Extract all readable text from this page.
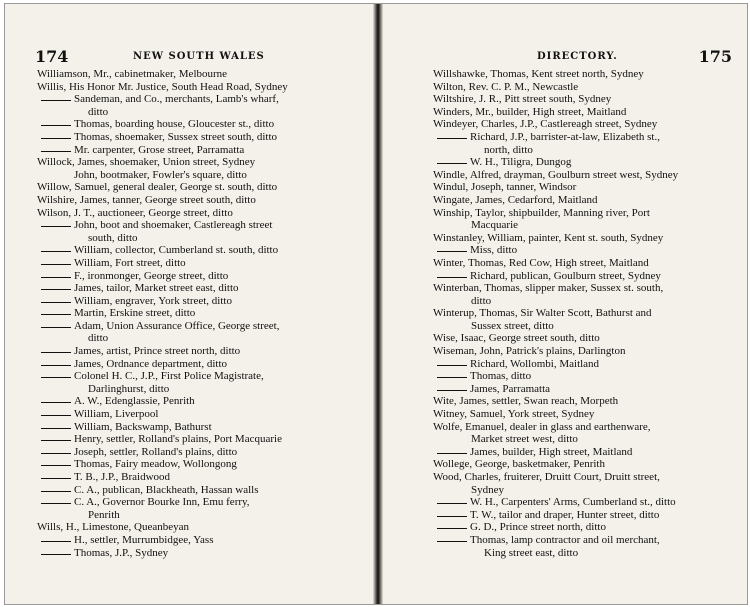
174	NEW SOUTH WALES
Williamson, Mr., cabinetmaker, Melbourne
Willis, His Honor Mr. Justice, South Head Road, Sydney
Sandeman, and Co., merchants, Lamb's wharf,
ditto
Thomas, boarding house, Gloucester st., ditto
Thomas, shoemaker, Sussex street south, ditto
Mr. carpenter, Grose street, Parramatta
Willock, James, shoemaker, Union street, Sydney
John, bootmaker, Fowler's square, ditto
Willow, Samuel, general dealer, George st. south, ditto
Wilshire, James, tanner, George street south, ditto
Wilson, J. T., auctioneer, George street, ditto
John, boot and shoemaker, Castlereagh street
south, ditto
William, collector, Cumberland st. south, ditto
William, Fort street, ditto
F., ironmonger, George street, ditto
James, tailor, Market street east, ditto
William, engraver, York street, ditto
Martin, Erskine street, ditto
Adam, Union Assurance Office, George street,
ditto
James, artist, Prince street north, ditto
James, Ordnance department, ditto
Colonel H. C., J.P., First Police Magistrate,
Darlinghurst, ditto
A. W., Edenglassie, Penrith
William, Liverpool
William, Backswamp, Bathurst
Henry, settler, Rolland's plains, Port Macquarie
Joseph, settler, Rolland's plains, ditto
Thomas, Fairy meadow, Wollongong
T. B., J.P., Braidwood
C. A., publican, Blackheath, Hassan walls
C. A., Governor Bourke Inn, Emu ferry,
Penrith
Wills, H., Limestone, Queanbeyan
H., settler, Murrumbidgee, Yass
Thomas, J.P., Sydney
175
DIRECTORY.
Willshawke, Thomas, Kent street north, Sydney
Wilton, Rev. C. P. M., Newcastle
Wiltshire, J. R., Pitt street south, Sydney
Winders, Mr., builder, High street, Maitland
Windeyer, Charles, J.P., Castlereagh street, Sydney
Richard, J.P., barrister-at-law, Elizabeth st.,
north, ditto
W. H., Tiligra, Dungog
Windle, Alfred, drayman, Goulburn street west, Sydney
Windul, Joseph, tanner, Windsor
Wingate, James, Cedarford, Maitland
Winship, Taylor, shipbuilder, Manning river, Port
Macquarie
Winstanley, William, painter, Kent st. south, Sydney
Miss, ditto
Winter, Thomas, Red Cow, High street, Maitland
Richard, publican, Goulburn street, Sydney
Winterban, Thomas, slipper maker, Sussex st. south,
ditto
Winterup, Thomas, Sir Walter Scott, Bathurst and
Sussex street, ditto
Wise, Isaac, George street south, ditto
Wiseman, John, Patrick's plains, Darlington
Richard, Wollombi, Maitland
Thomas, ditto
James, Parramatta
Wite, James, settler, Swan reach, Morpeth
Witney, Samuel, York street, Sydney
Wolfe, Emanuel, dealer in glass and earthenware,
Market street west, ditto
James, builder, High street, Maitland
Wollege, George, basketmaker, Penrith
Wood, Charles, fruiterer, Druitt Court, Druitt street,
Sydney
W. H., Carpenters' Arms, Cumberland st., ditto
T. W., tailor and draper, Hunter street, ditto
G. D., Prince street north, ditto
Thomas, lamp contractor and oil merchant,
King street east, ditto
